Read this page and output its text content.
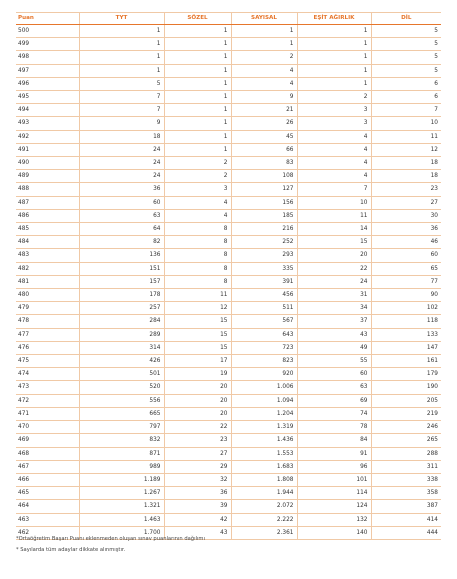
Puan	TYT	SÖZEL	SAYISAL	EŞİT AĞIRLIK	DİL
500	1	1	1	1	5
499	1	1	1	1	5
498	1	1	2	1	5
497	1	1	4	1	5
496	5	1	4	1	6
495	7	1	9	2	6
494	7	1	21	3	7
493	9	1	26	3	10
492	18	1	45	4	11
491	24	1	66	4	12
490	24	2	83	4	18
489	24	2	108	4	18
488	36	3	127	7	23
487	60	4	156	10	27
486	63	4	185	11	30
485	64	8	216	14	36
484	82	8	252	15	46
483	136	8	293	20	60
482	151	8	335	22	65
481	157	8	391	24	77
480	178	11	456	31	90
479	257	12	511	34	102
478	284	15	567	37	118
477	289	15	643	43	133
476	314	15	723	49	147
475	426	17	823	55	161
474	501	19	920	60	179
473	520	20	1.006	63	190
472	556	20	1.094	69	205
471	665	20	1.204	74	219
470	797	22	1.319	78	246
469	832	23	1.436	84	265
468	871	27	1.553	91	288
467	989	29	1.683	96	311
466	1.189	32	1.808	101	338
465	1.267	36	1.944	114	358
464	1.321	39	2.072	124	387
463	1.463	42	2.222	132	414
462	1.700	43	2.361	140	444

*Ortaöğretim Başarı Puanı eklenmeden oluşan sınav puanlarının dağılımı

* Sayılarda tüm adaylar dikkate alınmıştır.
